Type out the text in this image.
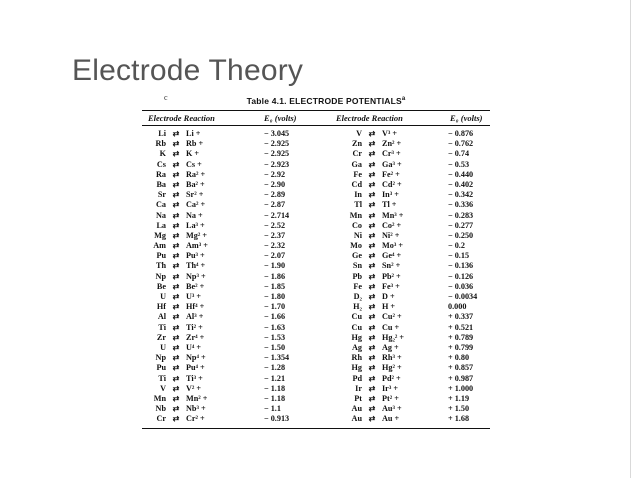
Electrode Theory
c	Table 4.1. ELECTRODE POTENTIALS$^a$
Electrode Reaction	E₀ (volts)	Electrode Reaction	E₀ (volts)
Li ⇄ Li +	− 3.045	V ⇄ V³ +	− 0.876
Rb ⇄ Rb +	− 2.925	Zn ⇄ Zn² +	− 0.762
K ⇄ K +	− 2.925	Cr ⇄ Cr³ +	− 0.74
Cs ⇄ Cs +	− 2.923	Ga ⇄ Ga³ +	− 0.53
Ra ⇄ Ra² +	− 2.92	Fe ⇄ Fe² +	− 0.440
Ba ⇄ Ba² +	− 2.90	Cd ⇄ Cd² +	− 0.402
Sr ⇄ Sr² +	− 2.89	In ⇄ In³ +	− 0.342
Ca ⇄ Ca² +	− 2.87	Tl ⇄ Tl +	− 0.336
Na ⇄ Na +	− 2.714	Mn ⇄ Mn³ +	− 0.283
La ⇄ La³ +	− 2.52	Co ⇄ Co² +	− 0.277
Mg ⇄ Mg² +	− 2.37	Ni ⇄ Ni² +	− 0.250
Am ⇄ Am³ +	− 2.32	Mo ⇄ Mo³ +	− 0.2
Pu ⇄ Pu³ +	− 2.07	Ge ⇄ Ge⁴ +	− 0.15
Th ⇄ Th⁴ +	− 1.90	Sn ⇄ Sn² +	− 0.136
Np ⇄ Np³ +	− 1.86	Pb ⇄ Pb² +	− 0.126
Be ⇄ Be² +	− 1.85	Fe ⇄ Fe³ +	− 0.036
U ⇄ U³ +	− 1.80	D₂ ⇄ D +	− 0.0034
Hf ⇄ Hf⁴ +	− 1.70	H₂ ⇄ H +	0.000
Al ⇄ Al³ +	− 1.66	Cu ⇄ Cu² +	+ 0.337
Ti ⇄ Ti² +	− 1.63	Cu ⇄ Cu +	+ 0.521
Zr ⇄ Zr⁴ +	− 1.53	Hg ⇄ Hg₂² +	+ 0.789
U ⇄ U⁴ +	− 1.50	Ag ⇄ Ag +	+ 0.799
Np ⇄ Np⁴ +	− 1.354	Rh ⇄ Rh³ +	+ 0.80
Pu ⇄ Pu⁴ +	− 1.28	Hg ⇄ Hg² +	+ 0.857
Ti ⇄ Ti³ +	− 1.21	Pd ⇄ Pd² +	+ 0.987
V ⇄ V² +	− 1.18	Ir ⇄ Ir³ +	+ 1.000
Mn ⇄ Mn² +	− 1.18	Pt ⇄ Pt² +	+ 1.19
Nb ⇄ Nb³ +	− 1.1	Au ⇄ Au³ +	+ 1.50
Cr ⇄ Cr² +	− 0.913	Au ⇄ Au +	+ 1.68
